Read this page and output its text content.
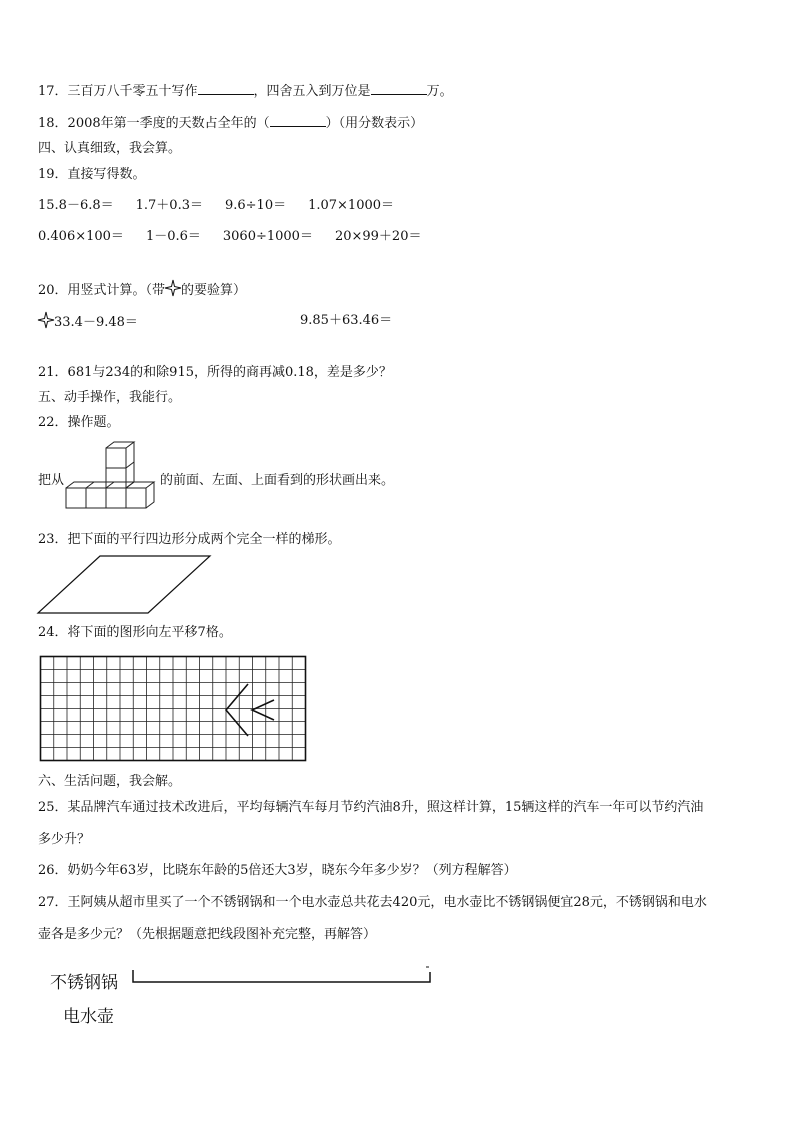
17．三百万八千零五十写作	，四舍五入到万位是	万。
18．2008年第一季度的天数占全年的（	）（用分数表示）
四、认真细致，我会算。
19．直接写得数。
15.8－6.8＝ 1.7＋0.3＝ 9.6÷10＝ 1.07×1000＝
0.406×100＝ 1－0.6＝ 3060÷1000＝ 20×99＋20＝
20．用竖式计算。（带 的要验算）
33.4－9.48＝	9.85＋63.46＝
21．681与234的和除915，所得的商再减0.18，差是多少？
五、动手操作，我能行。
22．操作题。
把从	的前面、左面、上面看到的形状画出来。
23．把下面的平行四边形分成两个完全一样的梯形。
24．将下面的图形向左平移7格。
六、生活问题，我会解。
25．某品牌汽车通过技术改进后，平均每辆汽车每月节约汽油8升，照这样计算，15辆这样的汽车一年可以节约汽油
多少升？
26．奶奶今年63岁，比晓东年龄的5倍还大3岁，晓东今年多少岁？（列方程解答）
27．王阿姨从超市里买了一个不锈钢锅和一个电水壶总共花去420元，电水壶比不锈钢锅便宜28元，不锈钢锅和电水
壶各是多少元？（先根据题意把线段图补充完整，再解答）
不锈钢锅
电水壶
